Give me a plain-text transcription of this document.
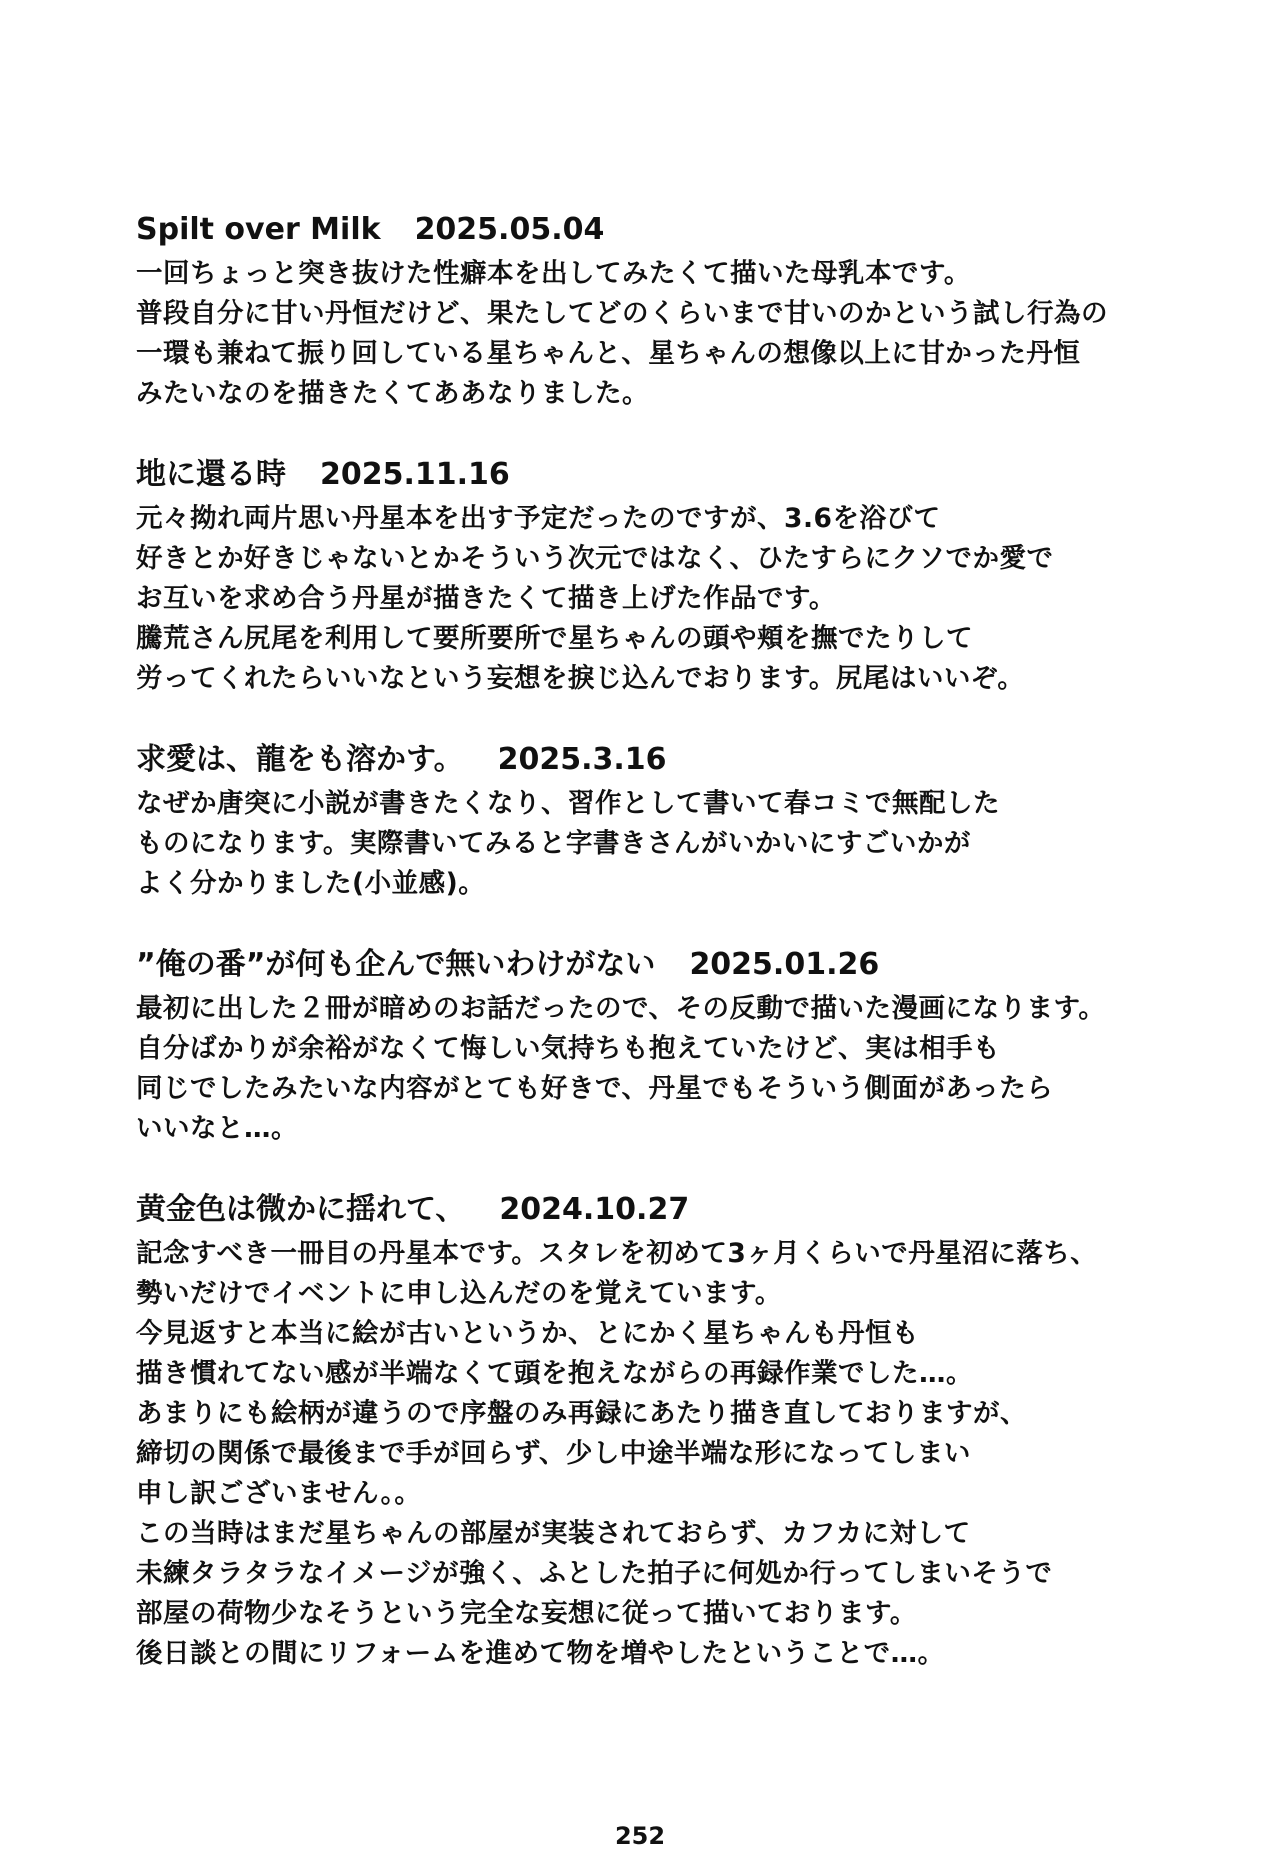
Spilt over Milk 2025.05.04
一回ちょっと突き抜けた性癖本を出してみたくて描いた母乳本です。
普段自分に甘い丹恒だけど、果たしてどのくらいまで甘いのかという試し行為の
一環も兼ねて振り回している星ちゃんと、星ちゃんの想像以上に甘かった丹恒
みたいなのを描きたくてああなりました。
地に還る時 2025.11.16
元々拗れ両片思い丹星本を出す予定だったのですが、3.6を浴びて
好きとか好きじゃないとかそういう次元ではなく、ひたすらにクソでか愛で
お互いを求め合う丹星が描きたくて描き上げた作品です。
騰荒さん尻尾を利用して要所要所で星ちゃんの頭や頬を撫でたりして
労ってくれたらいいなという妄想を捩じ込んでおります。尻尾はいいぞ。
求愛は、龍をも溶かす。 2025.3.16
なぜか唐突に小説が書きたくなり、習作として書いて春コミで無配した
ものになります。実際書いてみると字書きさんがいかいにすごいかが
よく分かりました(小並感)。
”俺の番”が何も企んで無いわけがない 2025.01.26
最初に出した２冊が暗めのお話だったので、その反動で描いた漫画になります。
自分ばかりが余裕がなくて悔しい気持ちも抱えていたけど、実は相手も
同じでしたみたいな内容がとても好きで、丹星でもそういう側面があったら
いいなと…。
黄金色は微かに揺れて、 2024.10.27
記念すべき一冊目の丹星本です。スタレを初めて3ヶ月くらいで丹星沼に落ち、
勢いだけでイベントに申し込んだのを覚えています。
今見返すと本当に絵が古いというか、とにかく星ちゃんも丹恒も
描き慣れてない感が半端なくて頭を抱えながらの再録作業でした…。
あまりにも絵柄が違うので序盤のみ再録にあたり描き直しておりますが、
締切の関係で最後まで手が回らず、少し中途半端な形になってしまい
申し訳ございません。。
この当時はまだ星ちゃんの部屋が実装されておらず、カフカに対して
未練タラタラなイメージが強く、ふとした拍子に何処か行ってしまいそうで
部屋の荷物少なそうという完全な妄想に従って描いております。
後日談との間にリフォームを進めて物を増やしたということで…。
252
